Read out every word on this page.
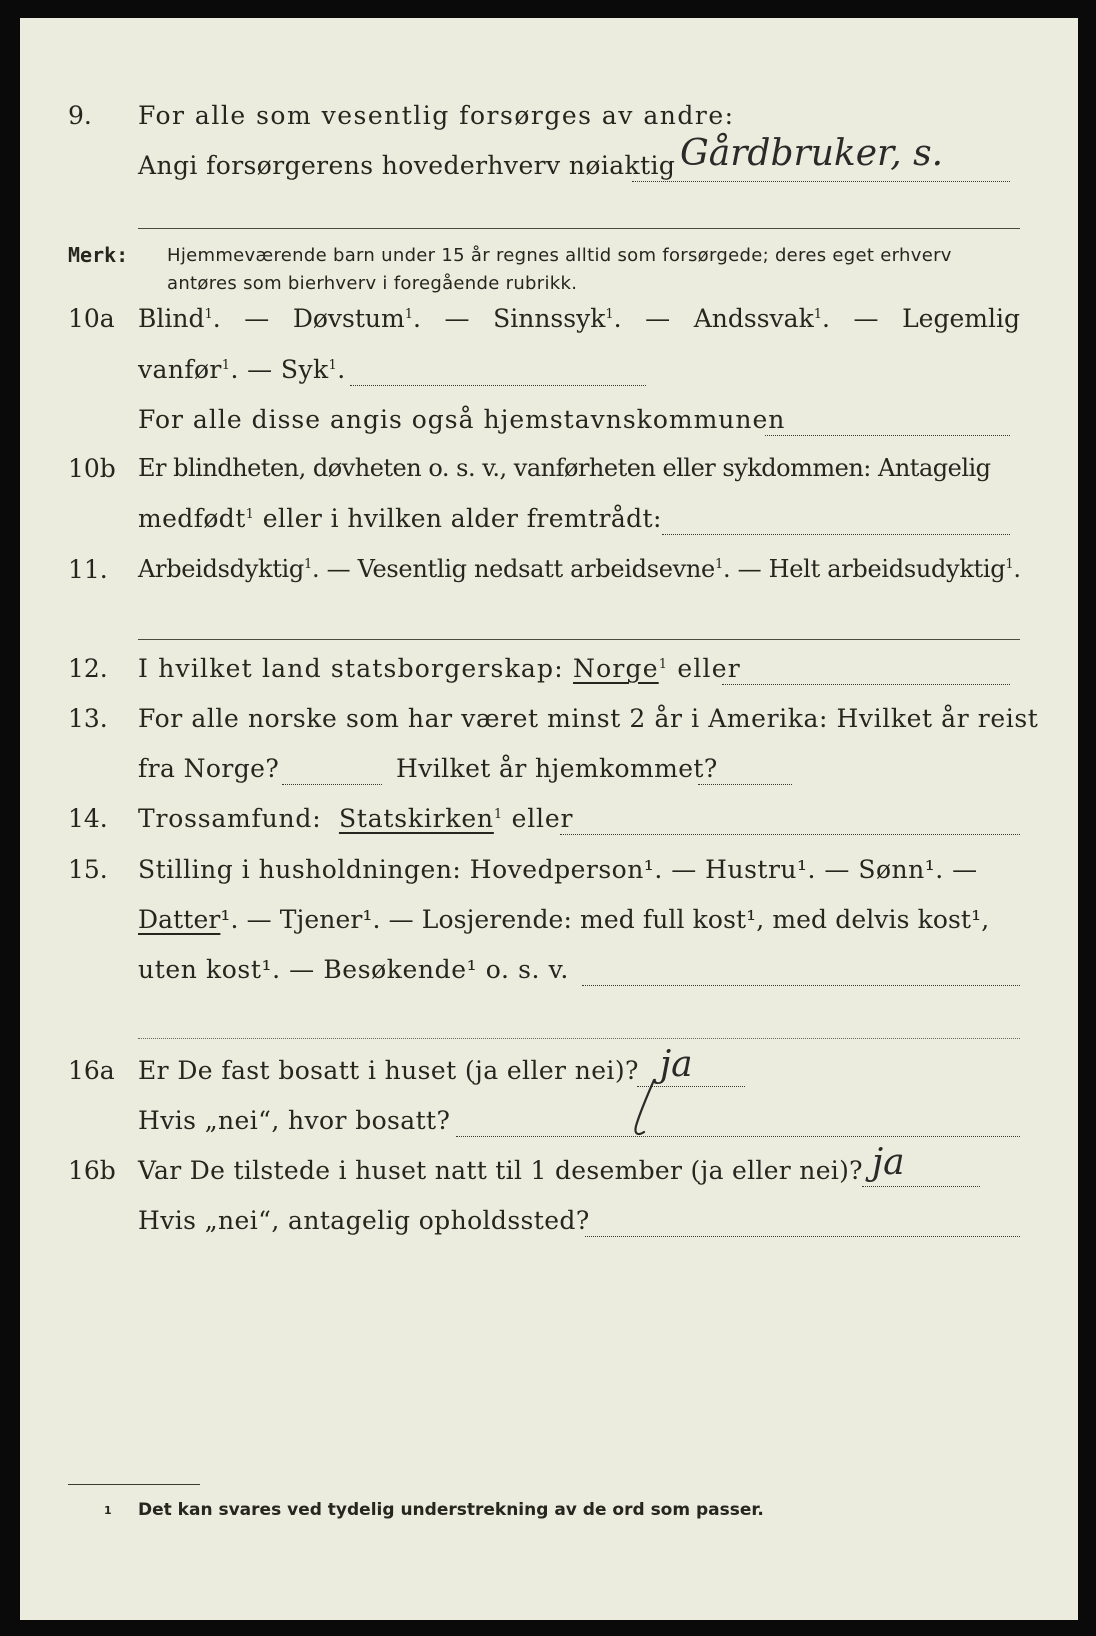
9. For alle som vesentlig forsørges av andre:
Angi forsørgerens hovederhverv nøiaktig Gårdbruker, s.
Merk: Hjemmeværende barn under 15 år regnes alltid som forsørgede; deres eget erhverv
antøres som bierhverv i foregående rubrikk.
10a Blind$^1$. — Døvstum$^1$. — Sinnssyk$^1$. — Andssvak$^1$. — Legemlig
vanfør$^1$. — Syk$^1$.
For alle disse angis også hjemstavnskommunen
10b Er blindheten, døvheten o. s. v., vanførheten eller sykdommen: Antagelig
medfødt$^1$ eller i hvilken alder fremtrådt:
11. Arbeidsdyktig$^1$. — Vesentlig nedsatt arbeidsevne$^1$. — Helt arbeidsudyktig$^1$.
12. I hvilket land statsborgerskap: Norge$^1$ eller
13. For alle norske som har været minst 2 år i Amerika: Hvilket år reist
fra Norge?	Hvilket år hjemkommet?
14. Trossamfund: Statskirken$^1$ eller
15. Stilling i husholdningen: Hovedperson¹. — Hustru¹. — Sønn¹. —
Datter¹. — Tjener¹. — Losjerende: med full kost¹, med delvis kost¹,
uten kost¹. — Besøkende¹ o. s. v.
16a Er De fast bosatt i huset (ja eller nei)? ja
Hvis „nei“, hvor bosatt?
16b Var De tilstede i huset natt til 1 desember (ja eller nei)? ja
Hvis „nei“, antagelig opholdssted?
1 Det kan svares ved tydelig understrekning av de ord som passer.
